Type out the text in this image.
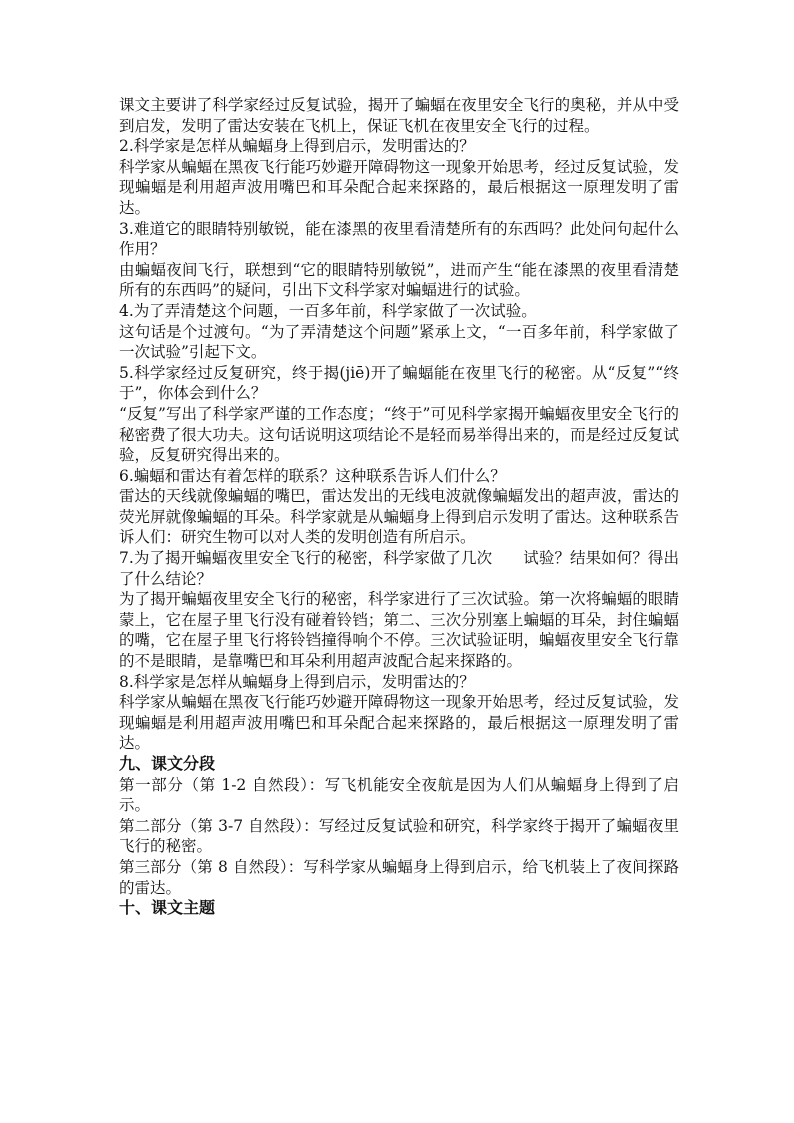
课文主要讲了科学家经过反复试验，揭开了蝙蝠在夜里安全飞行的奥秘，并从中受到启发，发明了雷达安装在飞机上，保证飞机在夜里安全飞行的过程。

2.科学家是怎样从蝙蝠身上得到启示，发明雷达的？

科学家从蝙蝠在黑夜飞行能巧妙避开障碍物这一现象开始思考，经过反复试验，发现蝙蝠是利用超声波用嘴巴和耳朵配合起来探路的，最后根据这一原理发明了雷达。

3.难道它的眼睛特别敏锐，能在漆黑的夜里看清楚所有的东西吗？此处问句起什么作用？

由蝙蝠夜间飞行，联想到“它的眼睛特别敏锐”，进而产生“能在漆黑的夜里看清楚所有的东西吗”的疑问，引出下文科学家对蝙蝠进行的试验。

4.为了弄清楚这个问题，一百多年前，科学家做了一次试验。

这句话是个过渡句。“为了弄清楚这个问题”紧承上文，“一百多年前，科学家做了一次试验”引起下文。

5.科学家经过反复研究，终于揭(jiē)开了蝙蝠能在夜里飞行的秘密。从“反复”“终于”，你体会到什么？

“反复”写出了科学家严谨的工作态度；“终于”可见科学家揭开蝙蝠夜里安全飞行的秘密费了很大功夫。这句话说明这项结论不是轻而易举得出来的，而是经过反复试验，反复研究得出来的。

6.蝙蝠和雷达有着怎样的联系？这种联系告诉人们什么？

雷达的天线就像蝙蝠的嘴巴，雷达发出的无线电波就像蝙蝠发出的超声波，雷达的荧光屏就像蝙蝠的耳朵。科学家就是从蝙蝠身上得到启示发明了雷达。这种联系告诉人们：研究生物可以对人类的发明创造有所启示。

7.为了揭开蝙蝠夜里安全飞行的秘密，科学家做了几次　　试验？结果如何？得出了什么结论？

为了揭开蝙蝠夜里安全飞行的秘密，科学家进行了三次试验。第一次将蝙蝠的眼睛蒙上，它在屋子里飞行没有碰着铃铛；第二、三次分别塞上蝙蝠的耳朵，封住蝙蝠的嘴，它在屋子里飞行将铃铛撞得响个不停。三次试验证明，蝙蝠夜里安全飞行靠的不是眼睛，是靠嘴巴和耳朵利用超声波配合起来探路的。

8.科学家是怎样从蝙蝠身上得到启示，发明雷达的？

科学家从蝙蝠在黑夜飞行能巧妙避开障碍物这一现象开始思考，经过反复试验，发现蝙蝠是利用超声波用嘴巴和耳朵配合起来探路的，最后根据这一原理发明了雷达。

九、课文分段

第一部分（第 1-2 自然段）：写飞机能安全夜航是因为人们从蝙蝠身上得到了启示。

第二部分（第 3-7 自然段）：写经过反复试验和研究，科学家终于揭开了蝙蝠夜里飞行的秘密。

第三部分（第 8 自然段）：写科学家从蝙蝠身上得到启示，给飞机装上了夜间探路的雷达。

十、课文主题
